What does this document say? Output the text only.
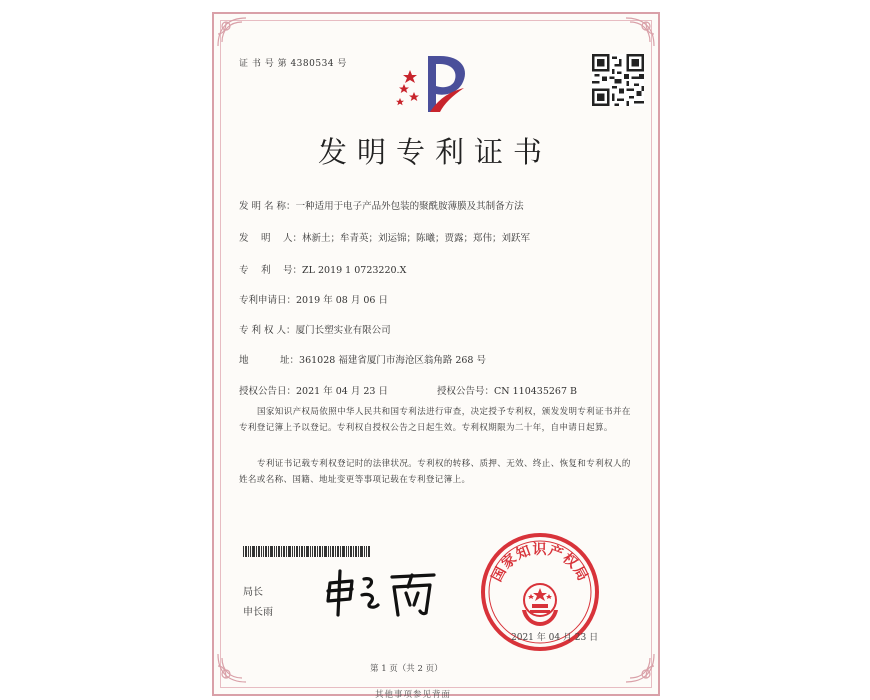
证 书 号 第 4380534 号
发明专利证书
发 明 名 称：一种适用于电子产品外包装的聚酰胺薄膜及其制备方法
发　 明 　人：林新土；牟青英；刘运锦；陈曦；贾露；郑伟；刘跃军
专　 利　 号：ZL 2019 1 0723220.X
专利申请日：2019 年 08 月 06 日
专 利 权 人：厦门长塑实业有限公司
地　　　 址：361028 福建省厦门市海沧区翁角路 268 号
授权公告日：2021 年 04 月 23 日	授权公告号：CN 110435267 B
国家知识产权局依照中华人民共和国专利法进行审查，决定授予专利权，颁发发明专利证书并在专利登记簿上予以登记。专利权自授权公告之日起生效。专利权期限为二十年，自申请日起算。
专利证书记载专利权登记时的法律状况。专利权的转移、质押、无效、终止、恢复和专利权人的姓名或名称、国籍、地址变更等事项记载在专利登记簿上。
局长
申长雨
国家知识产权局
2021 年 04 月 23 日
第 1 页（共 2 页）
其他事项参见背面
